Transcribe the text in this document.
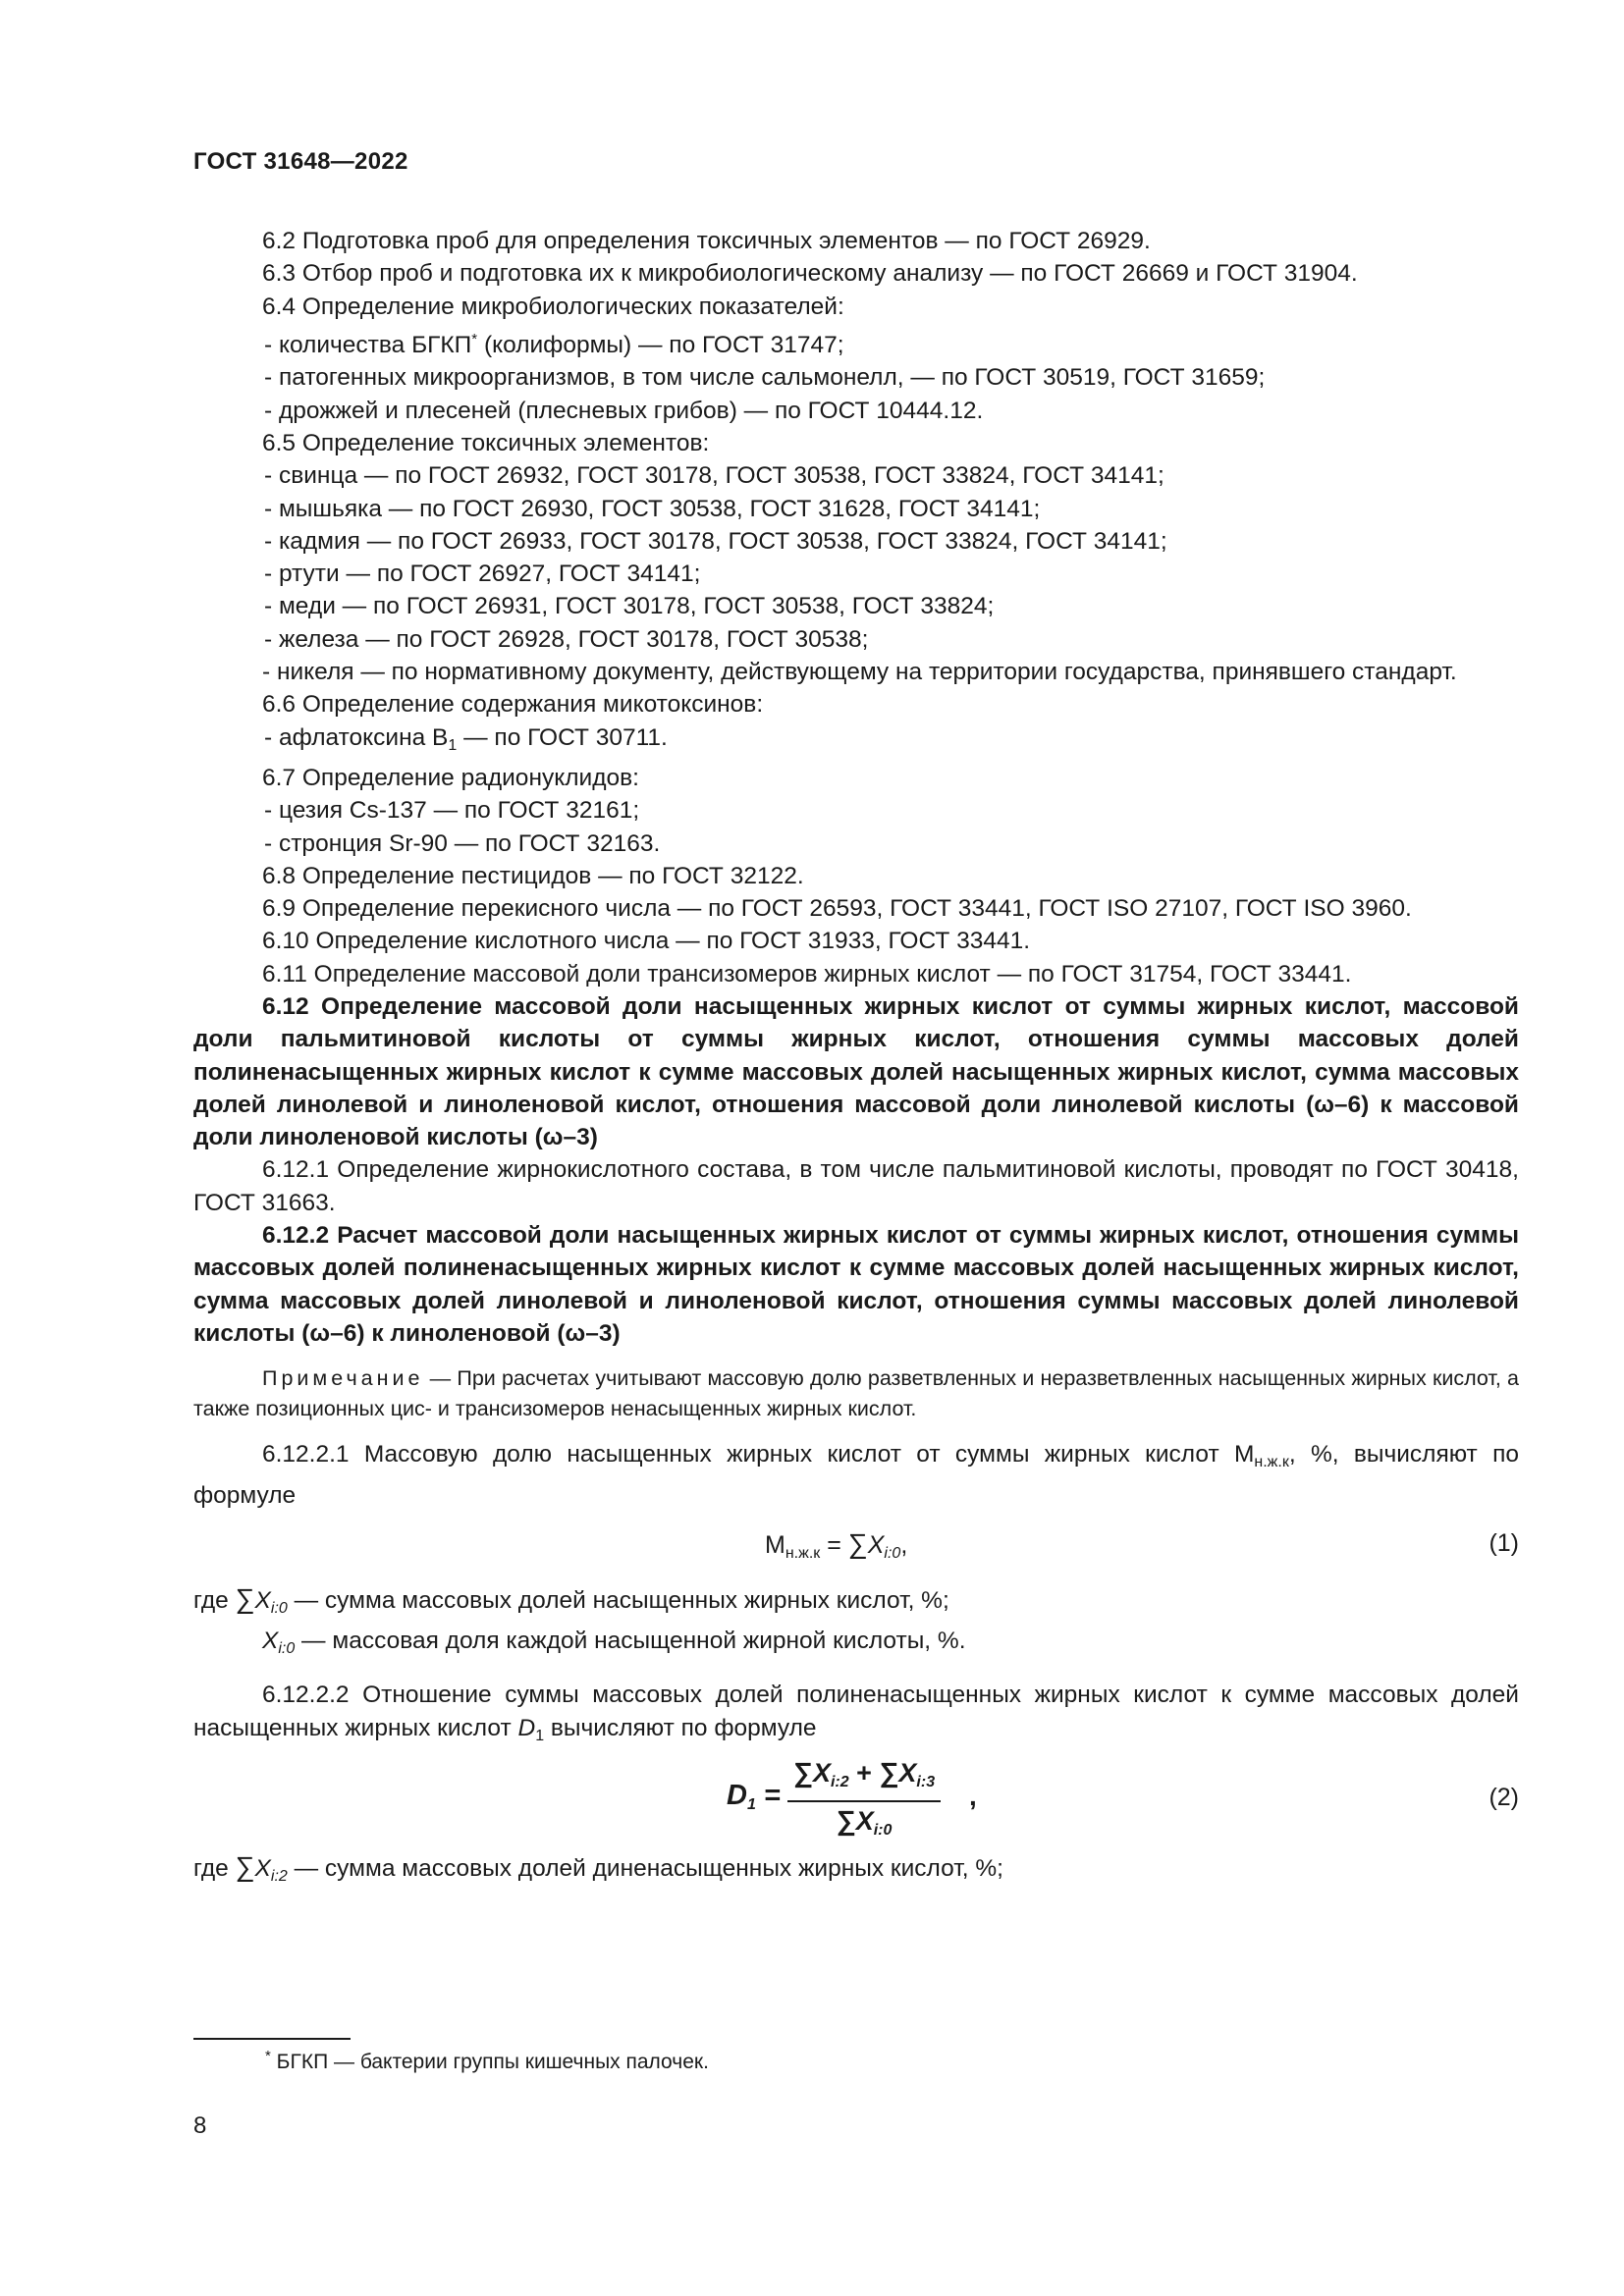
ГОСТ 31648—2022

6.2 Подготовка проб для определения токсичных элементов — по ГОСТ 26929.

6.3 Отбор проб и подготовка их к микробиологическому анализу — по ГОСТ 26669 и ГОСТ 31904.

6.4 Определение микробиологических показателей:

- количества БГКП* (колиформы) — по ГОСТ 31747;

- патогенных микроорганизмов, в том числе сальмонелл, — по ГОСТ 30519, ГОСТ 31659;

- дрожжей и плесеней (плесневых грибов) — по ГОСТ 10444.12.

6.5 Определение токсичных элементов:

- свинца — по ГОСТ 26932, ГОСТ 30178, ГОСТ 30538, ГОСТ 33824, ГОСТ 34141;

- мышьяка — по ГОСТ 26930, ГОСТ 30538, ГОСТ 31628, ГОСТ 34141;

- кадмия — по ГОСТ 26933, ГОСТ 30178, ГОСТ 30538, ГОСТ 33824, ГОСТ 34141;

- ртути — по ГОСТ 26927, ГОСТ 34141;

- меди — по ГОСТ 26931, ГОСТ 30178, ГОСТ 30538, ГОСТ 33824;

- железа — по ГОСТ 26928, ГОСТ 30178, ГОСТ 30538;

- никеля — по нормативному документу, действующему на территории государства, принявшего стандарт.

6.6 Определение содержания микотоксинов:

- афлатоксина $В_1$ — по ГОСТ 30711.

6.7 Определение радионуклидов:

- цезия Cs-137 — по ГОСТ 32161;

- стронция Sr-90 — по ГОСТ 32163.

6.8 Определение пестицидов — по ГОСТ 32122.

6.9 Определение перекисного числа — по ГОСТ 26593, ГОСТ 33441, ГОСТ ISO 27107, ГОСТ ISO 3960.

6.10 Определение кислотного числа — по ГОСТ 31933, ГОСТ 33441.

6.11 Определение массовой доли трансизомеров жирных кислот — по ГОСТ 31754, ГОСТ 33441.

6.12 Определение массовой доли насыщенных жирных кислот от суммы жирных кислот, массовой доли пальмитиновой кислоты от суммы жирных кислот, отношения суммы массовых долей полиненасыщенных жирных кислот к сумме массовых долей насыщенных жирных кислот, сумма массовых долей линолевой и линоленовой кислот, отношения массовой доли линолевой кислоты (ω–6) к массовой доли линоленовой кислоты (ω–3)

6.12.1 Определение жирнокислотного состава, в том числе пальмитиновой кислоты, проводят по ГОСТ 30418, ГОСТ 31663.

6.12.2 Расчет массовой доли насыщенных жирных кислот от суммы жирных кислот, отношения суммы массовых долей полиненасыщенных жирных кислот к сумме массовых долей насыщенных жирных кислот, сумма массовых долей линолевой и линоленовой кислот, отношения суммы массовых долей линолевой кислоты (ω–6) к линоленовой (ω–3)

Примечание — При расчетах учитывают массовую долю разветвленных и неразветвленных насыщенных жирных кислот, а также позиционных цис- и трансизомеров ненасыщенных жирных кислот.

6.12.2.1 Массовую долю насыщенных жирных кислот от суммы жирных кислот $М_{н.ж.к}$, %, вычисляют по формуле

$М_{н.ж.к} = \sum X_{i:0}$,	(1)

где $\sum X_{i:0}$ — сумма массовых долей насыщенных жирных кислот, %;

$X_{i:0}$ — массовая доля каждой насыщенной жирной кислоты, %.

6.12.2.2 Отношение суммы массовых долей полиненасыщенных жирных кислот к сумме массовых долей насыщенных жирных кислот $D_1$ вычисляют по формуле

$D_1 = \frac{\sum X_{i:2} + \sum X_{i:3}}{\sum X_{i:0}}$ ,	(2)

где $\sum X_{i:2}$ — сумма массовых долей диненасыщенных жирных кислот, %;

* БГКП — бактерии группы кишечных палочек.
8
